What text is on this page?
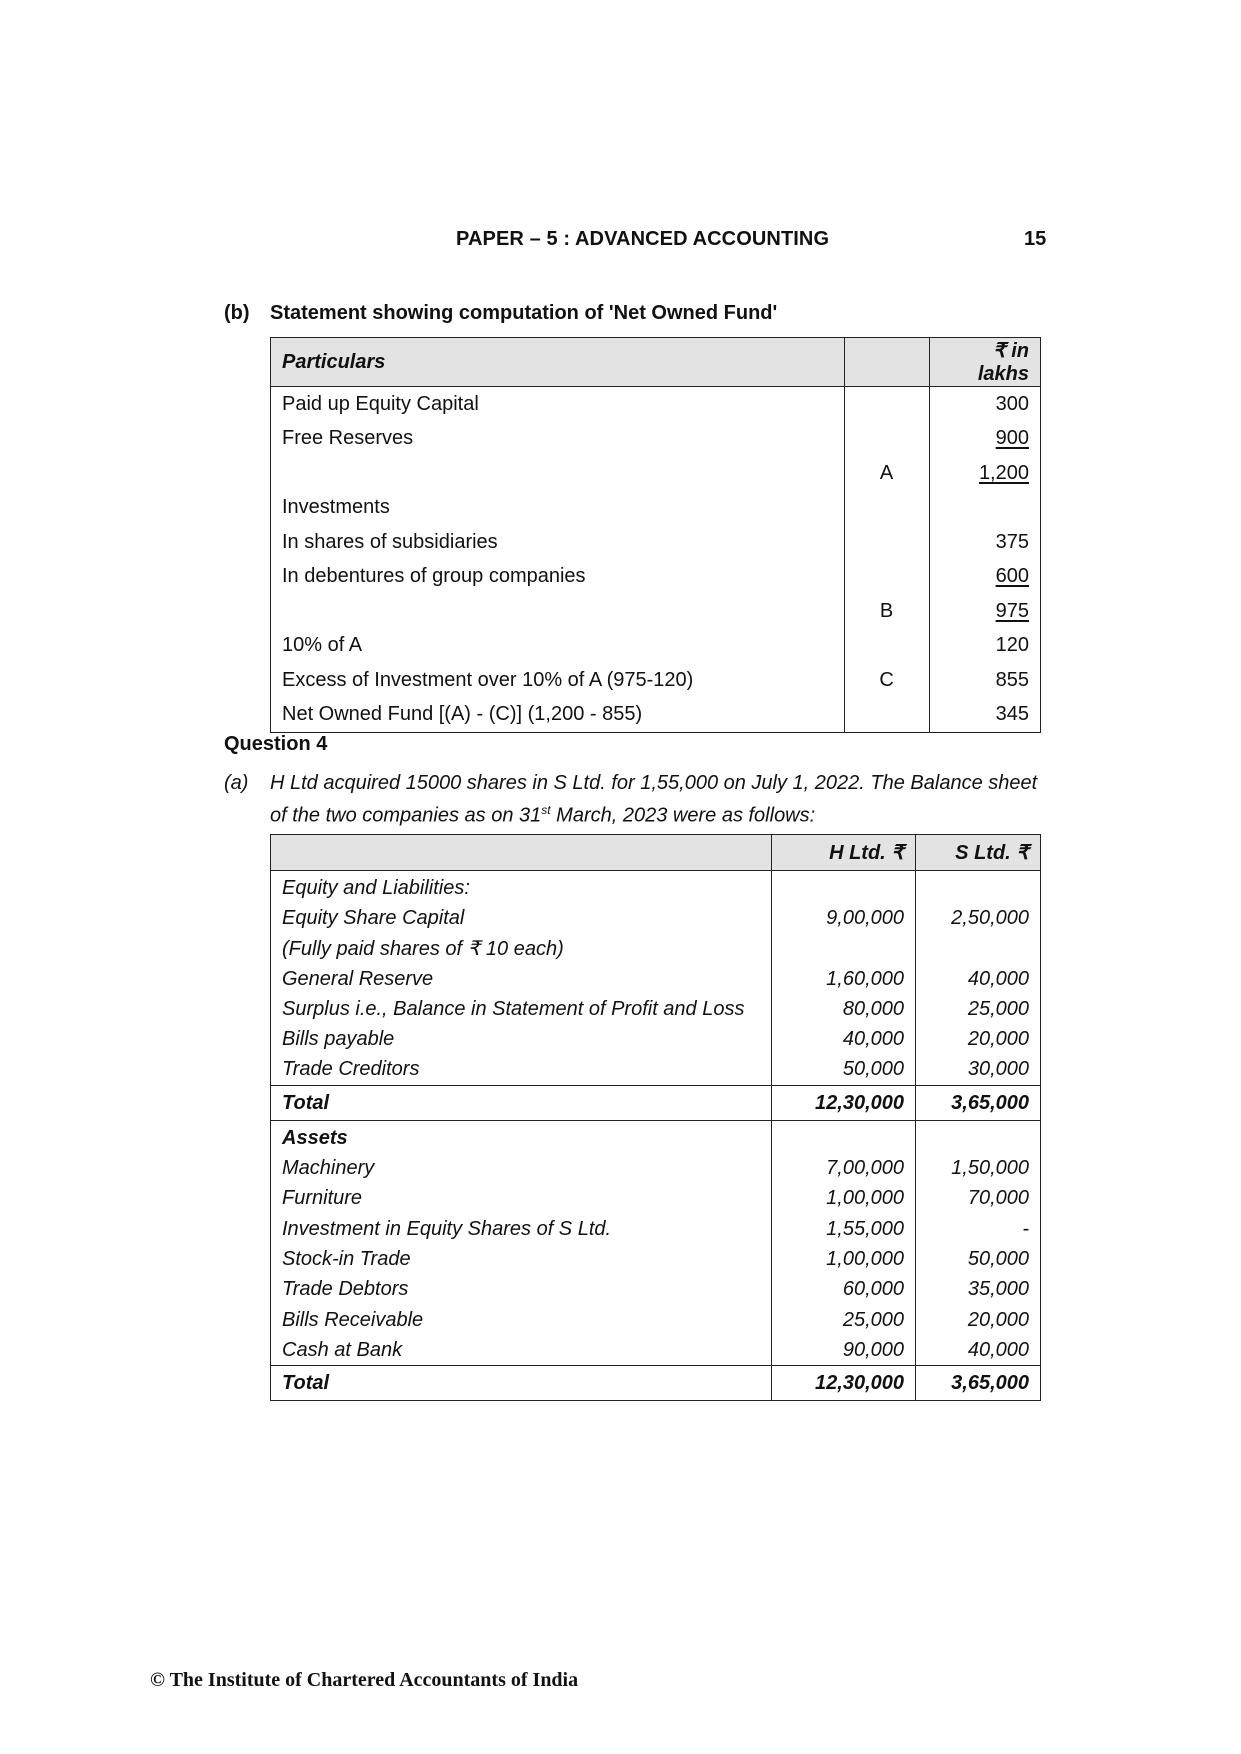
PAPER – 5 : ADVANCED ACCOUNTING	15
(b) Statement showing computation of 'Net Owned Fund'
Particulars		₹ in lakhs
Paid up Equity Capital		300
Free Reserves		900
	A	1,200
Investments		
In shares of subsidiaries		375
In debentures of group companies		600
	B	975
10% of A		120
Excess of Investment over 10% of A (975-120)	C	855
Net Owned Fund [(A) - (C)] (1,200 - 855)		345
Question 4
(a) H Ltd acquired 15000 shares in S Ltd. for 1,55,000 on July 1, 2022. The Balance sheet of the two companies as on 31st March, 2023 were as follows:
	H Ltd. ₹	S Ltd. ₹
Equity and Liabilities:		
Equity Share Capital	9,00,000	2,50,000
(Fully paid shares of ₹ 10 each)		
General Reserve	1,60,000	40,000
Surplus i.e., Balance in Statement of Profit and Loss	80,000	25,000
Bills payable	40,000	20,000
Trade Creditors	50,000	30,000
Total	12,30,000	3,65,000
Assets		
Machinery	7,00,000	1,50,000
Furniture	1,00,000	70,000
Investment in Equity Shares of S Ltd.	1,55,000	-
Stock-in Trade	1,00,000	50,000
Trade Debtors	60,000	35,000
Bills Receivable	25,000	20,000
Cash at Bank	90,000	40,000
Total	12,30,000	3,65,000
© The Institute of Chartered Accountants of India
